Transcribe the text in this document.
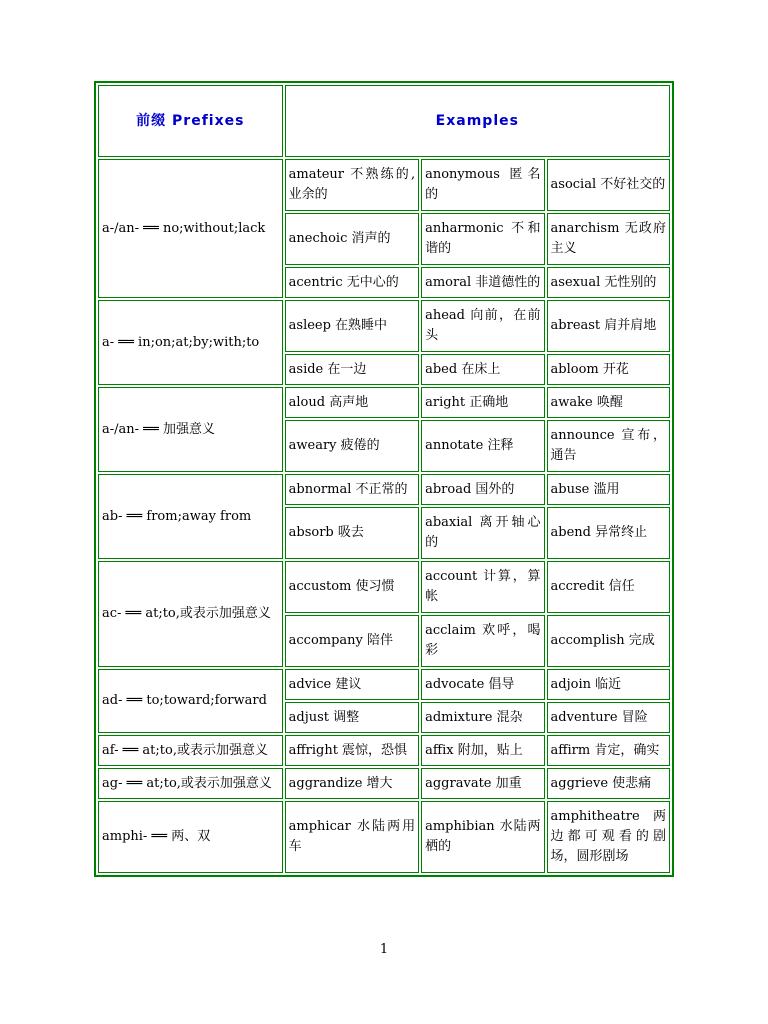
前缀 Prefixes	Examples		
a-/an- ══ no;without;lack	amateur 不熟练的,业余的	anonymous 匿名的	asocial 不好社交的
	anechoic 消声的	anharmonic 不和谐的	anarchism 无政府主义
	acentric 无中心的	amoral 非道德性的	asexual 无性别的
a- ══ in;on;at;by;with;to	asleep 在熟睡中	ahead 向前，在前头	abreast 肩并肩地
	aside 在一边	abed 在床上	abloom 开花
a-/an- ══ 加强意义	aloud 高声地	aright 正确地	awake 唤醒
	aweary 疲倦的	annotate 注释	announce 宣布，通告
ab- ══ from;away from	abnormal 不正常的	abroad 国外的	abuse 滥用
	absorb 吸去	abaxial 离开轴心的	abend 异常终止
ac- ══ at;to,或表示加强意义	accustom 使习惯	account 计算，算帐	accredit 信任
	accompany 陪伴	acclaim 欢呼，喝彩	accomplish 完成
ad- ══ to;toward;forward	advice 建议	advocate 倡导	adjoin 临近
	adjust 调整	admixture 混杂	adventure 冒险
af- ══ at;to,或表示加强意义	affright 震惊，恐惧	affix 附加，贴上	affirm 肯定，确实
ag- ══ at;to,或表示加强意义	aggrandize 增大	aggravate 加重	aggrieve 使悲痛
amphi- ══ 两、双	amphicar 水陆两用车	amphibian 水陆两栖的	amphitheatre 两边都可观看的剧场，圆形剧场
1
